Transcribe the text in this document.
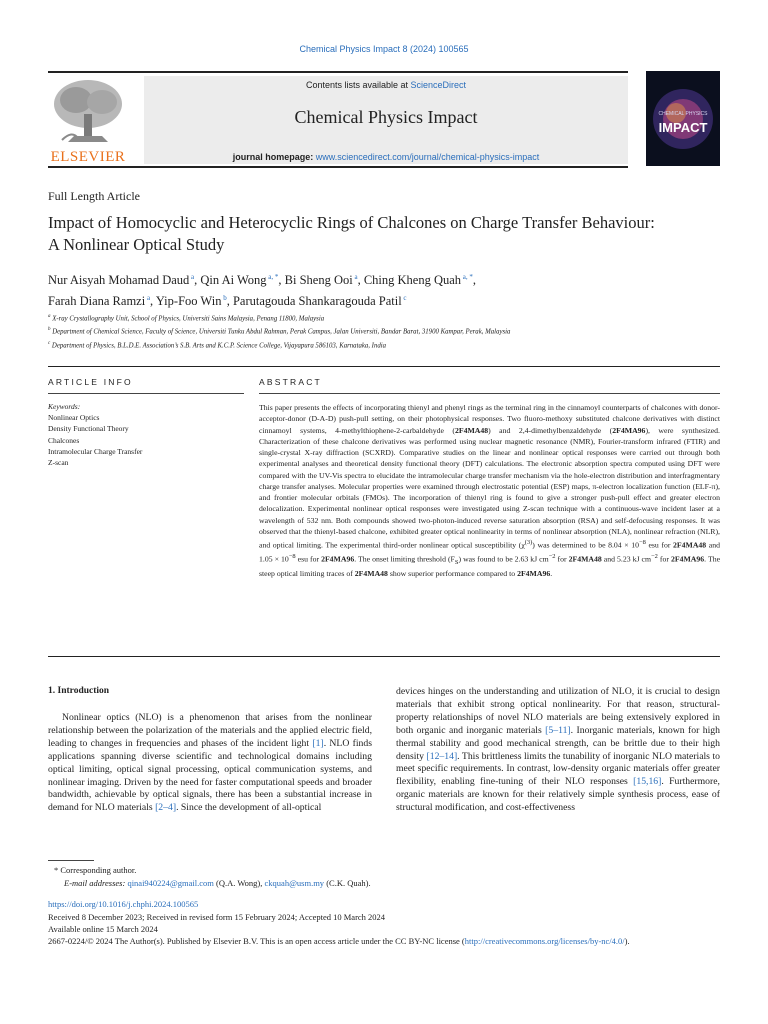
Chemical Physics Impact 8 (2024) 100565
ELSEVIER
Contents lists available at ScienceDirect
Chemical Physics Impact
journal homepage: www.sciencedirect.com/journal/chemical-physics-impact
CHEMICAL PHYSICS
IMPACT
Full Length Article
Impact of Homocyclic and Heterocyclic Rings of Chalcones on Charge Transfer Behaviour: A Nonlinear Optical Study
Nur Aisyah Mohamad Daud $^a$, Qin Ai Wong $^{a, *}$, Bi Sheng Ooi $^a$, Ching Kheng Quah $^{a, *}$,
Farah Diana Ramzi $^a$, Yip-Foo Win $^b$, Parutagouda Shankaragouda Patil $^c$
$^a$ X-ray Crystallography Unit, School of Physics, Universiti Sains Malaysia, Penang 11800, Malaysia
$^b$ Department of Chemical Science, Faculty of Science, Universiti Tunku Abdul Rahman, Perak Campus, Jalan Universiti, Bandar Barat, 31900 Kampar, Perak, Malaysia
$^c$ Department of Physics, B.L.D.E. Association’s S.B. Arts and K.C.P. Science College, Vijayapura 586103, Karnataka, India
ARTICLE INFO	ABSTRACT
Keywords:
Nonlinear Optics
Density Functional Theory
Chalcones
Intramolecular Charge Transfer
Z-scan
This paper presents the effects of incorporating thienyl and phenyl rings as the terminal ring in the cinnamoyl counterparts of chalcones with donor-acceptor-donor (D-A-D) push-pull setting, on their photophysical responses. Two fluoro-methoxy substituted chalcone derivatives with distinct cinnamoyl systems, 4-methylthiophene-2-carbaldehyde (2F4MA48) and 2,4-dimethylbenzaldehyde (2F4MA96), were synthesized. Characterization of these chalcone derivatives was performed using nuclear magnetic resonance (NMR), Fourier-transform infrared (FTIR) and single-crystal X-ray diffraction (SCXRD). Comparative studies on the linear and nonlinear optical responses were carried out through both experimental analyses and theoretical density functional theory (DFT) calculations. The electronic absorption spectra computed using DFT were compared with the UV-Vis spectra to elucidate the intramolecular charge transfer mechanism via the hole-electron distribution and interfragmentary charge transfer analyses. Molecular properties were examined through electrostatic potential (ESP) maps, π-electron localization function (ELF-π), and frontier molecular orbitals (FMOs). The incorporation of thienyl ring is found to give a stronger push-pull effect and greater electron delocalization. Experimental nonlinear optical responses were investigated using Z-scan technique with a continuous-wave incident laser at a wavelength of 532 nm. Both compounds showed two-photon-induced reverse saturation absorption (RSA) and self-defocusing responses. It was observed that the thienyl-based chalcone, exhibited greater optical nonlinearity in terms of nonlinear absorption (NLA), nonlinear refraction (NLR), and optical limiting. The experimental third-order nonlinear optical susceptibility $(\chi^{(3)})$ was determined to be $8.04 \times 10^{-8}$ esu for 2F4MA48 and $1.05 \times 10^{-8}$ esu for 2F4MA96. The onset limiting threshold $(F_S)$ was found to be 2.63 kJ $cm^{-2}$ for 2F4MA48 and 5.23 kJ $cm^{-2}$ for 2F4MA96. The steep optical limiting traces of 2F4MA48 show superior performance compared to 2F4MA96.
1. Introduction
Nonlinear optics (NLO) is a phenomenon that arises from the nonlinear relationship between the polarization of the materials and the applied electric field, leading to changes in frequencies and phases of the incident light [1]. NLO finds applications spanning diverse scientific and technological domains including optical limiting, optical signal processing, optical communication systems, and nonlinear imaging. Driven by the need for faster computational speeds and broader bandwidth, achievable by optical signals, there has been a substantial increase in demand for NLO materials [2–4]. Since the development of all-optical
devices hinges on the understanding and utilization of NLO, it is crucial to design materials that exhibit strong optical nonlinearity. For that reason, structural-property relationships of novel NLO materials are being extensively explored in both organic and inorganic materials [5–11]. Inorganic materials, known for high thermal stability and good mechanical strength, can be brittle due to their high density [12–14]. This brittleness limits the tunability of inorganic NLO materials to meet specific requirements. In contrast, low-density organic materials offer greater flexibility, enabling fine-tuning of their NLO responses [15,16]. Furthermore, organic materials are known for their relatively simple synthesis process, ease of structural modification, and cost-effectiveness
* Corresponding author.
E-mail addresses: qinai940224@gmail.com (Q.A. Wong), ckquah@usm.my (C.K. Quah).
https://doi.org/10.1016/j.chphi.2024.100565
Received 8 December 2023; Received in revised form 15 February 2024; Accepted 10 March 2024
Available online 15 March 2024
2667-0224/© 2024 The Author(s). Published by Elsevier B.V. This is an open access article under the CC BY-NC license (http://creativecommons.org/licenses/by-nc/4.0/).
